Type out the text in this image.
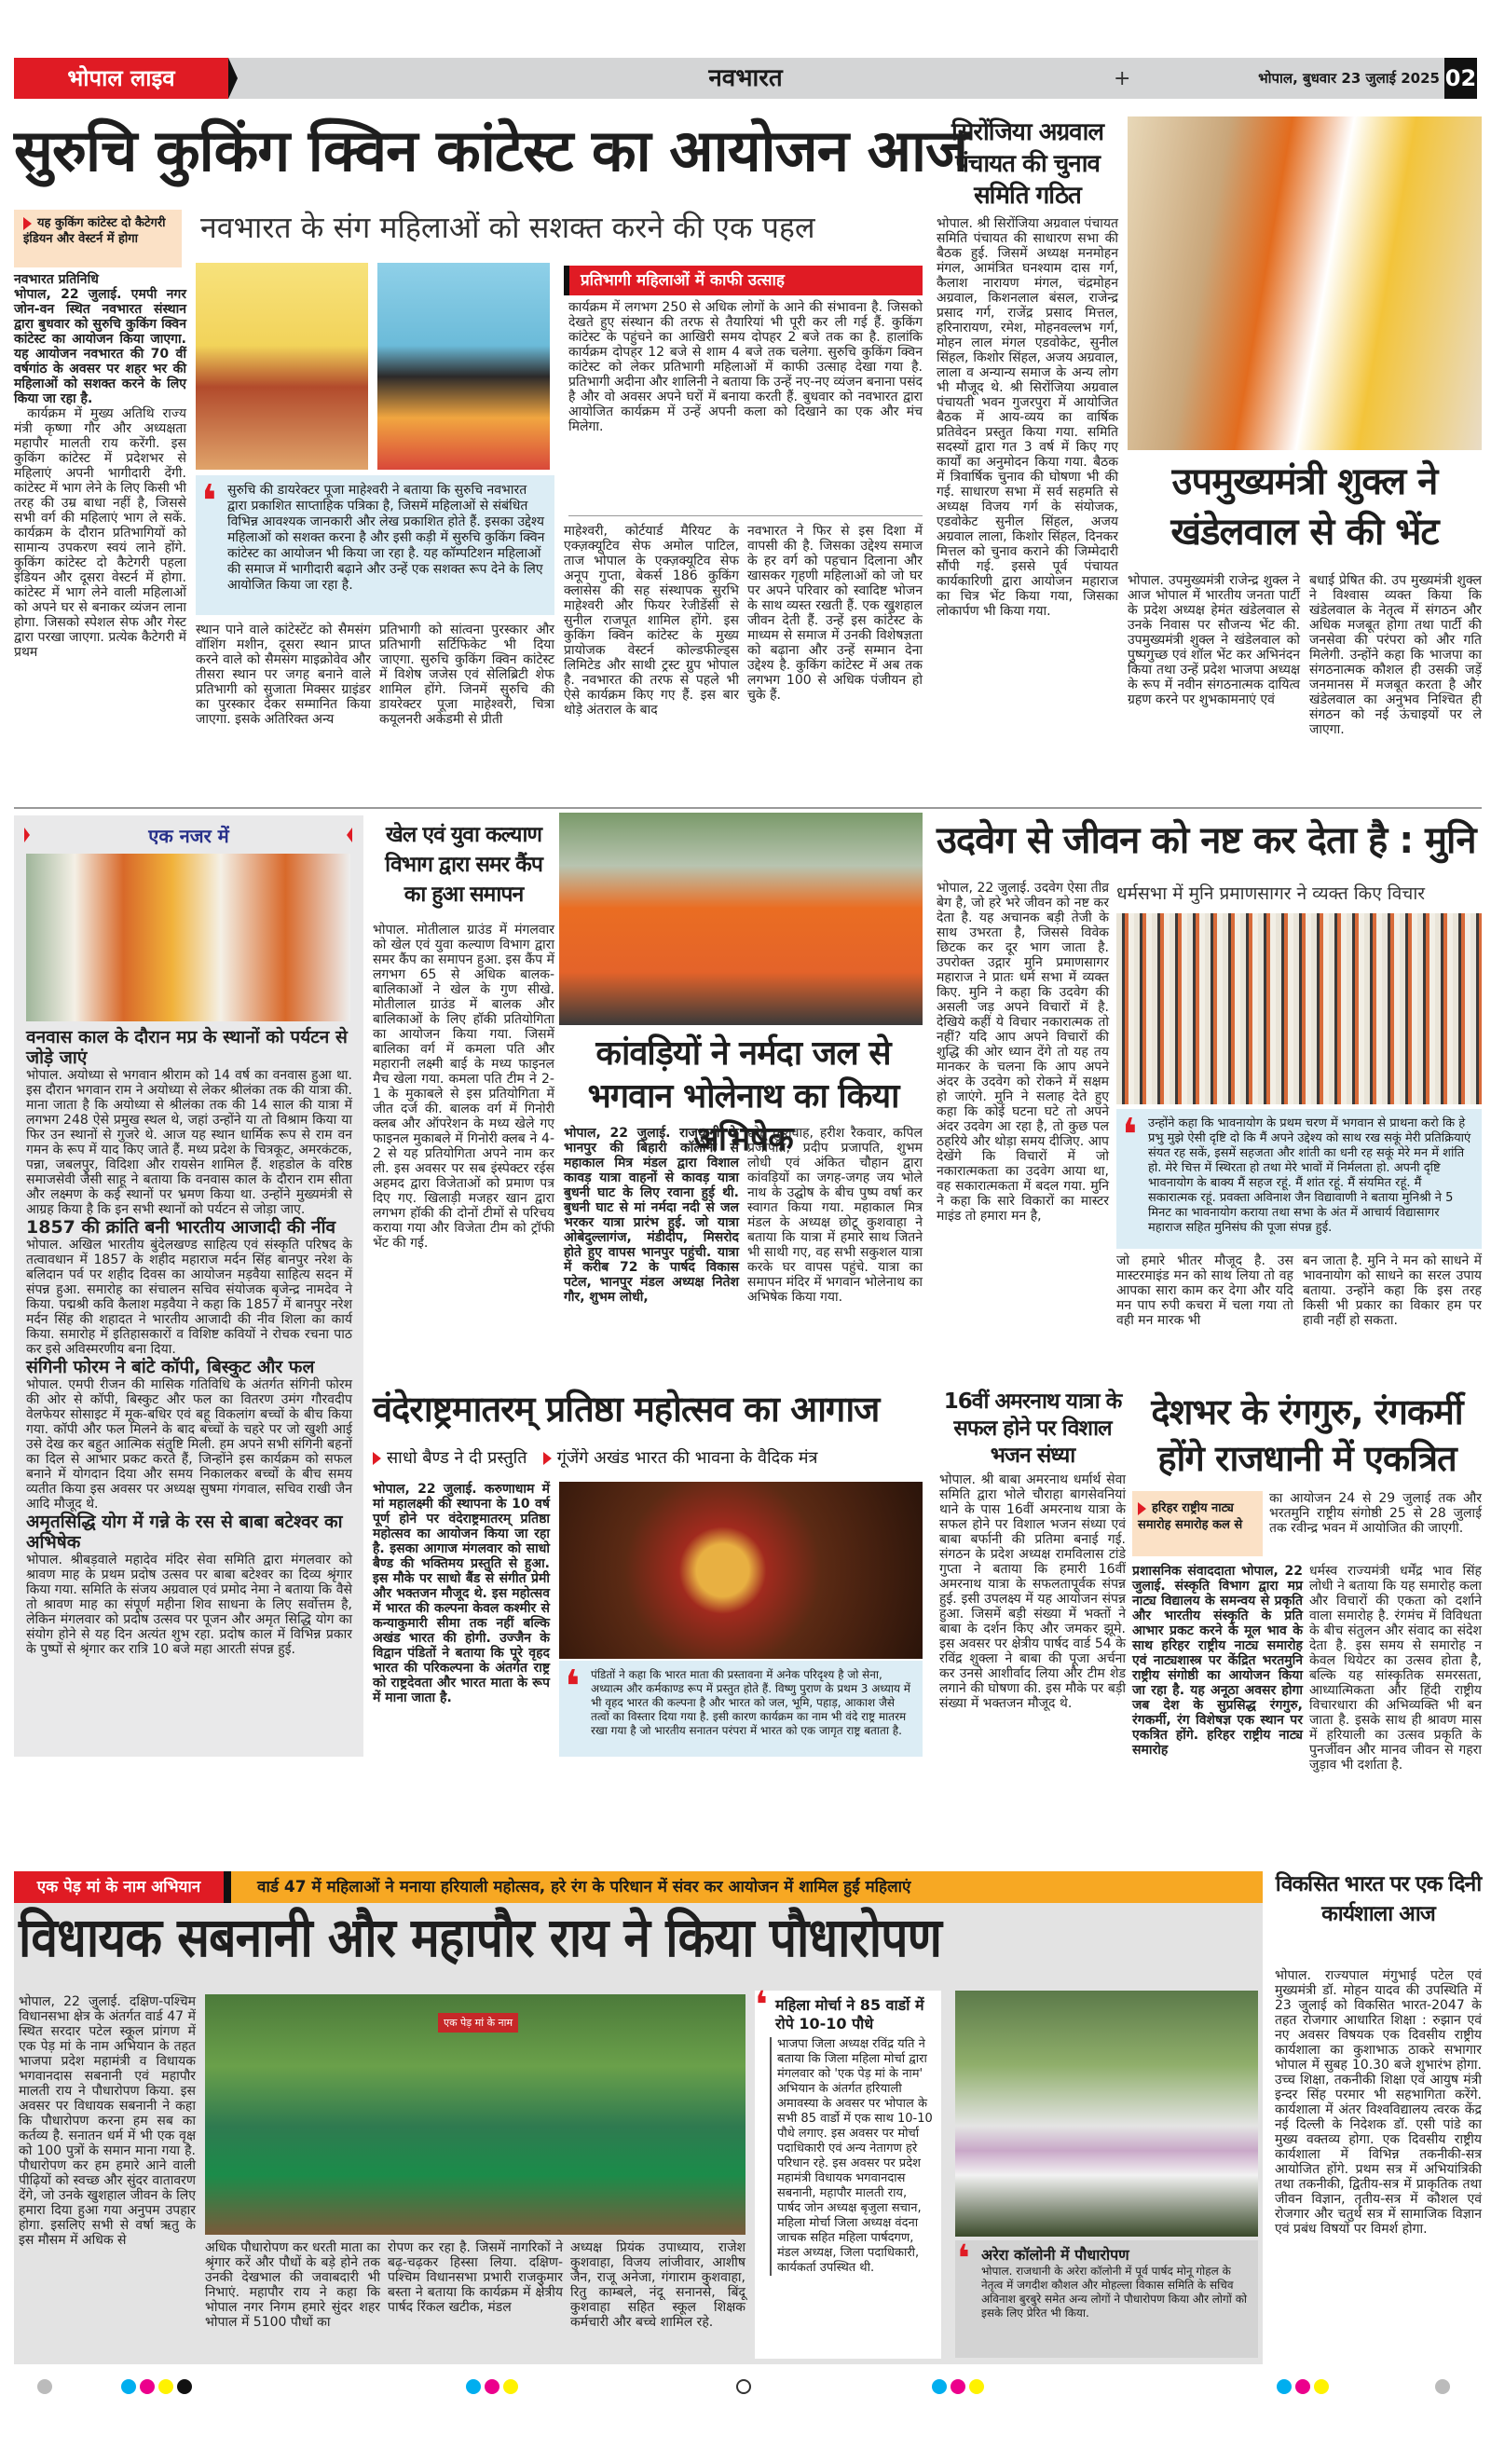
भोपाल लाइव	नवभारत	+	भोपाल, बुधवार 23 जुलाई 2025 02
सुरुचि कुकिंग क्विन कांटेस्ट का आयोजन आज
नवभारत के संग महिलाओं को सशक्त करने की एक पहल
यह कुकिंग कांटेस्ट दो कैटेगरी इंडियन और वेस्टर्न में होगा
नवभारत प्रतिनिधि
भोपाल, 22 जुलाई. एमपी नगर जोन-वन स्थित नवभारत संस्थान द्वारा बुधवार को सुरुचि कुकिंग क्विन कांटेस्ट का आयोजन किया जाएगा. यह आयोजन नवभारत की 70 वीं वर्षगांठ के अवसर पर शहर भर की महिलाओं को सशक्त करने के लिए किया जा रहा है.
कार्यक्रम में मुख्य अतिथि राज्य मंत्री कृष्णा गौर और अध्यक्षता महापौर मालती राय करेंगी. इस कुकिंग कांटेस्ट में प्रदेशभर से महिलाएं अपनी भागीदारी देंगी. कांटेस्ट में भाग लेने के लिए किसी भी तरह की उम्र बाधा नहीं है, जिससे सभी वर्ग की महिलाएं भाग ले सकें. कार्यक्रम के दौरान प्रतिभागियों को सामान्य उपकरण स्वयं लाने होंगे. कुकिंग कांटेस्ट दो कैटेगरी पहला इंडियन और दूसरा वेस्टर्न में होगा. कांटेस्ट में भाग लेने वाली महिलाओं को अपने घर से बनाकर व्यंजन लाना होगा. जिसको स्पेशल सेफ और गेस्ट द्वारा परखा जाएगा. प्रत्येक कैटेगरी में प्रथम
❛ सुरुचि की डायरेक्टर पूजा माहेश्वरी ने बताया कि सुरुचि नवभारत द्वारा प्रकाशित साप्ताहिक पत्रिका है, जिसमें महिलाओं से संबंधित विभिन्न आवश्यक जानकारी और लेख प्रकाशित होते हैं. इसका उद्देश्य महिलाओं को सशक्त करना है और इसी कड़ी में सुरुचि कुकिंग क्विन कांटेस्ट का आयोजन भी किया जा रहा है. यह कॉम्पटिशन महिलाओं की समाज में भागीदारी बढ़ाने और उन्हें एक सशक्त रूप देने के लिए आयोजित किया जा रहा है.
प्रतिभागी महिलाओं में काफी उत्साह
कार्यक्रम में लगभग 250 से अधिक लोगों के आने की संभावना है. जिसको देखते हुए संस्थान की तरफ से तैयारियां भी पूरी कर ली गई हैं. कुकिंग कांटेस्ट के पहुंचने का आखिरी समय दोपहर 2 बजे तक का है. हालांकि कार्यक्रम दोपहर 12 बजे से शाम 4 बजे तक चलेगा. सुरुचि कुकिंग क्विन कांटेस्ट को लेकर प्रतिभागी महिलाओं में काफी उत्साह देखा गया है. प्रतिभागी अदीना और शालिनी ने बताया कि उन्हें नए-नए व्यंजन बनाना पसंद है और वो अवसर अपने घरों में बनाया करती हैं. बुधवार को नवभारत द्वारा आयोजित कार्यक्रम में उन्हें अपनी कला को दिखाने का एक और मंच मिलेगा.
स्थान पाने वाले कांटेस्टेंट को सैमसंग वॉशिंग मशीन, दूसरा स्थान प्राप्त करने वाले को सैमसंग माइक्रोवेव और तीसरा स्थान पर जगह बनाने वाले प्रतिभागी को सुजाता मिक्सर ग्राइंडर का पुरस्कार देकर सम्मानित किया जाएगा. इसके अतिरिक्त अन्य
प्रतिभागी को सांत्वना पुरस्कार और प्रतिभागी सर्टिफिकेट भी दिया जाएगा. सुरुचि कुकिंग क्विन कांटेस्ट में विशेष जजेस एवं सेलिब्रिटी शेफ शामिल होंगे. जिनमें सुरुचि की डायरेक्टर पूजा माहेश्वरी, चित्रा कयूलनरी अकेडमी से प्रीती
माहेश्वरी, कोर्टयार्ड मैरियट के एक्ज़क्यूटिव सेफ अमोल पाटिल, ताज भोपाल के एक्ज़क्यूटिव सेफ अनूप गुप्ता, बेकर्स 186 कुकिंग क्लासेस की सह संस्थापक सुरभि माहेश्वरी और फियर रेजीडेंसी से सुनील राजपूत शामिल होंगे. इस कुकिंग क्विन कांटेस्ट के मुख्य प्रायोजक वेस्टर्न कोल्डफील्ड्स लिमिटेड और साथी ट्रस्ट ग्रुप भोपाल है. नवभारत की तरफ से पहले भी ऐसे कार्यक्रम किए गए हैं. इस बार थोड़े अंतराल के बाद
नवभारत ने फिर से इस दिशा में वापसी की है. जिसका उद्देश्य समाज के हर वर्ग को पहचान दिलाना और खासकर गृहणी महिलाओं को जो घर पर अपने परिवार को स्वादिष्ट भोजन के साथ व्यस्त रखती हैं. एक खुशहाल जीवन देती हैं. उन्हें इस कांटेस्ट के माध्यम से समाज में उनकी विशेषज्ञता को बढ़ाना और उन्हें सम्मान देना उद्देश्य है. कुकिंग कांटेस्ट में अब तक लगभग 100 से अधिक पंजीयन हो चुके हैं.
सिरोंजिया अग्रवाल पंचायत की चुनाव समिति गठित
भोपाल. श्री सिरोंजिया अग्रवाल पंचायत समिति पंचायत की साधारण सभा की बैठक हुई. जिसमें अध्यक्ष मनमोहन मंगल, आमंत्रित घनश्याम दास गर्ग, कैलाश नारायण मंगल, चंद्रमोहन अग्रवाल, किशनलाल बंसल, राजेन्द्र प्रसाद गर्ग, राजेंद्र प्रसाद मित्तल, हरिनारायण, रमेश, मोहनवल्लभ गर्ग, मोहन लाल मंगल एडवोकेट, सुनील सिंहल, किशोर सिंहल, अजय अग्रवाल, लाला व अन्यान्य समाज के अन्य लोग भी मौजूद थे. श्री सिरोंजिया अग्रवाल पंचायती भवन गुजरपुरा में आयोजित बैठक में आय-व्यय का वार्षिक प्रतिवेदन प्रस्तुत किया गया. समिति सदस्यों द्वारा गत 3 वर्ष में किए गए कार्यों का अनुमोदन किया गया. बैठक में त्रिवार्षिक चुनाव की घोषणा भी की गई. साधारण सभा में सर्व सहमति से अध्यक्ष विजय गर्ग के संयोजक, एडवोकेट सुनील सिंहल, अजय अग्रवाल लाला, किशोर सिंहल, दिनकर मित्तल को चुनाव कराने की जिम्मेदारी सौंपी गई. इससे पूर्व पंचायत कार्यकारिणी द्वारा आयोजन महाराज का चित्र भेंट किया गया, जिसका लोकार्पण भी किया गया.
उपमुख्यमंत्री शुक्ल ने खंडेलवाल से की भेंट
भोपाल. उपमुख्यमंत्री राजेन्द्र शुक्ल ने आज भोपाल में भारतीय जनता पार्टी के प्रदेश अध्यक्ष हेमंत खंडेलवाल से उनके निवास पर सौजन्य भेंट की. उपमुख्यमंत्री शुक्ल ने खंडेलवाल को पुष्पगुच्छ एवं शॉल भेंट कर अभिनंदन किया तथा उन्हें प्रदेश भाजपा अध्यक्ष के रूप में नवीन संगठनात्मक दायित्व ग्रहण करने पर शुभकामनाएं एवं
बधाई प्रेषित की. उप मुख्यमंत्री शुक्ल ने विश्वास व्यक्त किया कि खंडेलवाल के नेतृत्व में संगठन और अधिक मजबूत होगा तथा पार्टी की जनसेवा की परंपरा को और गति मिलेगी. उन्होंने कहा कि भाजपा का संगठनात्मक कौशल ही उसकी जड़ें जनमानस में मजबूत करता है और खंडेलवाल का अनुभव निश्चित ही संगठन को नई ऊंचाइयों पर ले जाएगा.
एक नजर में
वनवास काल के दौरान मप्र के स्थानों को पर्यटन से जोड़े जाएं
भोपाल. अयोध्या से भगवान श्रीराम को 14 वर्ष का वनवास हुआ था. इस दौरान भगवान राम ने अयोध्या से लेकर श्रीलंका तक की यात्रा की. माना जाता है कि अयोध्या से श्रीलंका तक की 14 साल की यात्रा में लगभग 248 ऐसे प्रमुख स्थल थे, जहां उन्होंने या तो विश्राम किया या फिर उन स्थानों से गुजरे थे. आज यह स्थान धार्मिक रूप से राम वन गमन के रूप में याद किए जाते हैं. मध्य प्रदेश के चित्रकूट, अमरकंटक, पन्ना, जबलपुर, विदिशा और रायसेन शामिल हैं. शहडोल के वरिष्ठ समाजसेवी जैसी साहू ने बताया कि वनवास काल के दौरान राम सीता और लक्ष्मण के कई स्थानों पर भ्रमण किया था. उन्होंने मुख्यमंत्री से आग्रह किया है कि इन सभी स्थानों को पर्यटन से जोड़ा जाए.
1857 की क्रांति बनी भारतीय आजादी की नींव
भोपाल. अखिल भारतीय बुंदेलखण्ड साहित्य एवं संस्कृति परिषद के तत्वावधान में 1857 के शहीद महाराज मर्दन सिंह बानपुर नरेश के बलिदान पर्व पर शहीद दिवस का आयोजन मड़वैया साहित्य सदन में संपन्न हुआ. समारोह का संचालन सचिव संयोजक बृजेन्द्र नामदेव ने किया. पद्मश्री कवि कैलाश मड़वैया ने कहा कि 1857 में बानपुर नरेश मर्दन सिंह की शहादत ने भारतीय आजादी की नीव शिला का कार्य किया. समारोह में इतिहासकारों व विशिष्ट कवियों ने रोचक रचना पाठ कर इसे अविस्मरणीय बना दिया.
संगिनी फोरम ने बांटे कॉपी, बिस्कुट और फल
भोपाल. एमपी रीजन की मासिक गतिविधि के अंतर्गत संगिनी फोरम की ओर से कॉपी, बिस्कुट और फल का वितरण उमंग गौरवदीप वेलफेयर सोसाइट में मूक-बधिर एवं बहू विकलांग बच्चों के बीच किया गया. कॉपी और फल मिलने के बाद बच्चों के चहरे पर जो खुशी आई उसे देख कर बहुत आत्मिक संतुष्टि मिली. हम अपने सभी संगिनी बहनों का दिल से आभार प्रकट करते हैं, जिन्होंने इस कार्यक्रम को सफल बनाने में योगदान दिया और समय निकालकर बच्चों के बीच समय व्यतीत किया इस अवसर पर अध्यक्ष सुषमा गंगवाल, सचिव राखी जैन आदि मौजूद थे.
अमृतसिद्धि योग में गन्ने के रस से बाबा बटेश्वर का अभिषेक
भोपाल. श्रीबड़वाले महादेव मंदिर सेवा समिति द्वारा मंगलवार को श्रावण माह के प्रथम प्रदोष उत्सव पर बाबा बटेश्वर का दिव्य श्रृंगार किया गया. समिति के संजय अग्रवाल एवं प्रमोद नेमा ने बताया कि वैसे तो श्रावण माह का संपूर्ण महीना शिव साधना के लिए सर्वोत्तम है, लेकिन मंगलवार को प्रदोष उत्सव पर पूजन और अमृत सिद्धि योग का संयोग होने से यह दिन अत्यंत शुभ रहा. प्रदोष काल में विभिन्न प्रकार के पुष्पों से श्रृंगार कर रात्रि 10 बजे महा आरती संपन्न हुई.
खेल एवं युवा कल्याण विभाग द्वारा समर कैंप का हुआ समापन
भोपाल. मोतीलाल ग्राउंड में मंगलवार को खेल एवं युवा कल्याण विभाग द्वारा समर कैंप का समापन हुआ. इस कैंप में लगभग 65 से अधिक बालक-बालिकाओं ने खेल के गुण सीखे. मोतीलाल ग्राउंड में बालक और बालिकाओं के लिए हॉकी प्रतियोगिता का आयोजन किया गया. जिसमें बालिका वर्ग में कमला पति और महारानी लक्ष्मी बाई के मध्य फाइनल मैच खेला गया. कमला पति टीम ने 2-1 के मुकाबले से इस प्रतियोगिता में जीत दर्ज की. बालक वर्ग में गिनोरी क्लब और ऑपरेशन के मध्य खेले गए फाइनल मुकाबले में गिनोरी क्लब ने 4-2 से यह प्रतियोगिता अपने नाम कर ली. इस अवसर पर सब इंस्पेक्टर रईस अहमद द्वारा विजेताओं को प्रमाण पत्र दिए गए. खिलाड़ी मजहर खान द्वारा लगभग हॉकी की दोनों टीमों से परिचय कराया गया और विजेता टीम को ट्रॉफी भेंट की गई.
कांवड़ियों ने नर्मदा जल से भगवान भोलेनाथ का किया अभिषेक
भोपाल, 22 जुलाई. राजधानी के भानपुर की बिहारी कॉलोनी से महाकाल मित्र मंडल द्वारा विशाल कावड़ यात्रा वाहनों से कावड़ यात्रा बुधनी घाट के लिए रवाना हुई थी. बुधनी घाट से मां नर्मदा नदी से जल भरकर यात्रा प्रारंभ हुई. जो यात्रा ओबेदुल्लागंज, मंडीदीप, मिसरोद होते हुए वापस भानपुर पहुंची. यात्रा में करीब 72 के पार्षद विकास पटेल, भानपुर मंडल अध्यक्ष नितेश गौर, शुभम लोधी,
छोटू कुशवाह, हरीश रैकवार, कपिल प्रजापति, प्रदीप प्रजापति, शुभम लोधी एवं अंकित चौहान द्वारा कांवड़ियों का जगह-जगह जय भोले नाथ के उद्घोष के बीच पुष्प वर्षा कर स्वागत किया गया. महाकाल मित्र मंडल के अध्यक्ष छोटू कुशवाहा ने बताया कि यात्रा में हमारे साथ जितने भी साथी गए, वह सभी सकुशल यात्रा करके घर वापस पहुंचे. यात्रा का समापन मंदिर में भगवान भोलेनाथ का अभिषेक किया गया.
उदवेग से जीवन को नष्ट कर देता है : मुनि
भोपाल, 22 जुलाई. उदवेग ऐसा तीव्र बेग है, जो हरे भरे जीवन को नष्ट कर देता है. यह अचानक बड़ी तेजी के साथ उभरता है, जिससे विवेक छिटक कर दूर भाग जाता है. उपरोक्त उद्गार मुनि प्रमाणसागर महाराज ने प्रातः धर्म सभा में व्यक्त किए. मुनि ने कहा कि उदवेग की असली जड़ अपने विचारों में है. देखिये कहीं ये विचार नकारात्मक तो नहीं? यदि आप अपने विचारों की शुद्धि की ओर ध्यान देंगे तो यह तय मानकर के चलना कि आप अपने अंदर के उदवेग को रोकने में सक्षम हो जाएंगे. मुनि ने सलाह देते हुए कहा कि कोई घटना घटे तो अपने अंदर उदवेग आ रहा है, तो कुछ पल ठहरिये और थोड़ा समय दीजिए. आप देखेंगे कि विचारों में जो नकारात्मकता का उदवेग आया था, वह सकारात्मकता में बदल गया. मुनि ने कहा कि सारे विकारों का मास्टर माइंड तो हमारा मन है,
धर्मसभा में मुनि प्रमाणसागर ने व्यक्त किए विचार
❛ उन्होंने कहा कि भावनायोग के प्रथम चरण में भगवान से प्राथना करो कि हे प्रभु मुझे ऐसी दृष्टि दो कि मैं अपने उद्देश्य को साथ रख सकूं मेरी प्रतिक्रियाएं संयत रह सकें, इसमें सहजता और शांती का धनी रह सकूं मेरे मन में शांति हो. मेरे चित्त में स्थिरता हो तथा मेरे भावों में निर्मलता हो. अपनी दृष्टि भावनायोग के बाक्य मैं सहज रहूं. मैं शांत रहूं. मैं संयमित रहूं. मैं सकारात्मक रहूं. प्रवक्ता अविनाश जैन विद्यावाणी ने बताया मुनिश्री ने 5 मिनट का भावनायोग कराया तथा सभा के अंत में आचार्य विद्यासागर महाराज सहित मुनिसंघ की पूजा संपन्न हुई.
जो हमारे भीतर मौजूद है. उस मास्टरमाइंड मन को साथ लिया तो वह आपका सारा काम कर देगा और यदि मन पाप रुपी कचरा में चला गया तो वही मन मारक भी
बन जाता है. मुनि ने मन को साधने में भावनायोग को साधने का सरल उपाय बताया. उन्होंने कहा कि इस तरह किसी भी प्रकार का विकार हम पर हावी नहीं हो सकता.
वंदेराष्ट्रमातरम् प्रतिष्ठा महोत्सव का आगाज
साधो बैण्ड ने दी प्रस्तुति गूंजेंगे अखंड भारत की भावना के वैदिक मंत्र
भोपाल, 22 जुलाई. करुणाधाम में मां महालक्ष्मी की स्थापना के 10 वर्ष पूर्ण होने पर वंदेराष्ट्रमातरम् प्रतिष्ठा महोत्सव का आयोजन किया जा रहा है. इसका आगाज मंगलवार को साधो बैण्ड की भक्तिमय प्रस्तुति से हुआ. इस मौके पर साधो बैंड से संगीत प्रेमी और भक्तजन मौजूद थे. इस महोत्सव में भारत की कल्पना केवल कश्मीर से कन्याकुमारी सीमा तक नहीं बल्कि अखंड भारत की होगी. उज्जैन के विद्वान पंडितों ने बताया कि पूरे वृहद भारत की परिकल्पना के अंतर्गत राष्ट्र को राष्ट्रदेवता और भारत माता के रूप में माना जाता है.	❛ पंडितों ने कहा कि भारत माता की प्रस्तावना में अनेक परिदृश्य है जो सेना, अध्यात्म और कर्मकाण्ड रूप में प्रस्तुत होते हैं. विष्णु पुराण के प्रथम 3 अध्याय में भी वृहद भारत की कल्पना है और भारत को जल, भूमि, पहाड़, आकाश जैसे तत्वों का विस्तार दिया गया है. इसी कारण कार्यक्रम का नाम भी वंदे राष्ट्र मातरम रखा गया है जो भारतीय सनातन परंपरा में भारत को एक जागृत राष्ट्र बताता है.
16वीं अमरनाथ यात्रा के सफल होने पर विशाल भजन संध्या
भोपाल. श्री बाबा अमरनाथ धर्मार्थ सेवा समिति द्वारा भोले चौराहा बागसेवनियां थाने के पास 16वीं अमरनाथ यात्रा के सफल होने पर विशाल भजन संध्या एवं बाबा बर्फानी की प्रतिमा बनाई गई. संगठन के प्रदेश अध्यक्ष रामविलास टांडे गुप्ता ने बताया कि हमारी 16वीं अमरनाथ यात्रा के सफलतापूर्वक संपन्न हुई. इसी उपलक्ष्य में यह आयोजन संपन्न हुआ. जिसमें बड़ी संख्या में भक्तों ने बाबा के दर्शन किए और जमकर झूमे. इस अवसर पर क्षेत्रीय पार्षद वार्ड 54 के रविंद्र शुक्ला ने बाबा की पूजा अर्चना कर उनसे आशीर्वाद लिया और टीम शेड लगाने की घोषणा की. इस मौके पर बड़ी संख्या में भक्तजन मौजूद थे.
देशभर के रंगगुरु, रंगकर्मी होंगे राजधानी में एकत्रित
हरिहर राष्ट्रीय नाट्य समारोह समारोह कल से
का आयोजन 24 से 29 जुलाई तक और भरतमुनि राष्ट्रीय संगोष्ठी 25 से 28 जुलाई तक रवीन्द्र भवन में आयोजित की जाएगी.
प्रशासनिक संवाददाता भोपाल, 22 जुलाई. संस्कृति विभाग द्वारा मप्र नाट्य विद्यालय के समन्वय से प्रकृति और भारतीय संस्कृति के प्रति आभार प्रकट करने के मूल भाव के साथ हरिहर राष्ट्रीय नाट्य समारोह एवं नाट्यशास्त्र पर केंद्रित भरतमुनि राष्ट्रीय संगोष्ठी का आयोजन किया जा रहा है. यह अनूठा अवसर होगा जब देश के सुप्रसिद्ध रंगगुरु, रंगकर्मी, रंग विशेषज्ञ एक स्थान पर एकत्रित होंगे. हरिहर राष्ट्रीय नाट्य समारोह
धर्मस्व राज्यमंत्री धर्मेंद्र भाव सिंह लोधी ने बताया कि यह समारोह कला और विचारों की एकता को दर्शाने वाला समारोह है. रंगमंच में विविधता के बीच संतुलन और संवाद का संदेश देता है. इस समय से समारोह न केवल थियेटर का उत्सव होता है, बल्कि यह सांस्कृतिक समरसता, आध्यात्मिकता और हिंदी राष्ट्रीय विचारधारा की अभिव्यक्ति भी बन जाता है. इसके साथ ही श्रावण मास में हरियाली का उत्सव प्रकृति के पुनर्जीवन और मानव जीवन से गहरा जुड़ाव भी दर्शाता है.
एक पेड़ मां के नाम अभियान	वार्ड 47 में महिलाओं ने मनाया हरियाली महोत्सव, हरे रंग के परिधान में संवर कर आयोजन में शामिल हुईं महिलाएं
विधायक सबनानी और महापौर राय ने किया पौधारोपण
भोपाल, 22 जुलाई. दक्षिण-पश्चिम विधानसभा क्षेत्र के अंतर्गत वार्ड 47 में स्थित सरदार पटेल स्कूल प्रांगण में एक पेड़ मां के नाम अभियान के तहत भाजपा प्रदेश महामंत्री व विधायक भगवानदास सबनानी एवं महापौर मालती राय ने पौधारोपण किया. इस अवसर पर विधायक सबनानी ने कहा कि पौधारोपण करना हम सब का कर्तव्य है. सनातन धर्म में भी एक वृक्ष को 100 पुत्रों के समान माना गया है. पौधारोपण कर हम हमारे आने वाली पीढ़ियों को स्वच्छ और सुंदर वातावरण देंगे, जो उनके खुशहाल जीवन के लिए हमारा दिया हुआ गया अनुपम उपहार होगा. इसलिए सभी से वर्षा ऋतु के इस मौसम में अधिक से
एक पेड़ मां के नाम
अधिक पौधारोपण कर धरती माता का श्रृंगार करें और पौधों के बड़े होने तक उनकी देखभाल की जवाबदारी भी निभाएं. महापौर राय ने कहा कि भोपाल नगर निगम हमारे सुंदर शहर भोपाल में 5100 पौधों का
रोपण कर रहा है. जिसमें नागरिकों ने बढ़-चढ़कर हिस्सा लिया. दक्षिण-पश्चिम विधानसभा प्रभारी राजकुमार बस्ता ने बताया कि कार्यक्रम में क्षेत्रीय पार्षद रिंकल खटीक, मंडल
अध्यक्ष प्रियंक उपाध्याय, राजेश कुशवाहा, विजय लांजीवार, आशीष जैन, राजू अनेजा, गंगाराम कुशवाहा, रितु काम्बले, नंदू सनानसे, बिंदू कुशवाहा सहित स्कूल शिक्षक कर्मचारी और बच्चे शामिल रहे.
❛ महिला मोर्चा ने 85 वार्डो में रोपे 10-10 पौधे
भाजपा जिला अध्यक्ष रविंद्र यति ने बताया कि जिला महिला मोर्चा द्वारा मंगलवार को 'एक पेड़ मां के नाम' अभियान के अंतर्गत हरियाली अमावस्या के अवसर पर भोपाल के सभी 85 वार्डो में एक साथ 10-10 पौधे लगाए. इस अवसर पर मोर्चा पदाधिकारी एवं अन्य नेतागण हरे परिधान रहे. इस अवसर पर प्रदेश महामंत्री विधायक भगवानदास सबनानी, महापौर मालती राय, पार्षद जोन अध्यक्ष बृजुला सचान, महिला मोर्चा जिला अध्यक्ष वंदना जाचक सहित महिला पार्षदगण, मंडल अध्यक्ष, जिला पदाधिकारी, कार्यकर्ता उपस्थित थी.	❛ अरेरा कॉलोनी में पौधारोपण
भोपाल. राजधानी के अरेरा कॉलोनी में पूर्व पार्षद मोनू गोहल के नेतृत्व में जगदीश कौशल और मोहल्ला विकास समिति के सचिव अविनाश बुरबुरे समेत अन्य लोगों ने पौधारोपण किया और लोगों को इसके लिए प्रेरित भी किया.
विकसित भारत पर एक दिनी कार्यशाला आज
भोपाल. राज्यपाल मंगुभाई पटेल एवं मुख्यमंत्री डॉ. मोहन यादव की उपस्थिति में 23 जुलाई को विकसित भारत-2047 के तहत रोजगार आधारित शिक्षा : रुझान एवं नए अवसर विषयक एक दिवसीय राष्ट्रीय कार्यशाला का कुशाभाऊ ठाकरे सभागार भोपाल में सुबह 10.30 बजे शुभारंभ होगा. उच्च शिक्षा, तकनीकी शिक्षा एवं आयुष मंत्री इन्दर सिंह परमार भी सहभागिता करेंगे. कार्यशाला में अंतर विश्वविद्यालय त्वरक केंद्र नई दिल्ली के निदेशक डॉ. एसी पांडे का मुख्य वक्तव्य होगा. एक दिवसीय राष्ट्रीय कार्यशाला में विभिन्न तकनीकी-सत्र आयोजित होंगे. प्रथम सत्र में अभियांत्रिकी तथा तकनीकी, द्वितीय-सत्र में प्राकृतिक तथा जीवन विज्ञान, तृतीय-सत्र में कौशल एवं रोजगार और चतुर्थ सत्र में सामाजिक विज्ञान एवं प्रबंध विषयों पर विमर्श होगा.
